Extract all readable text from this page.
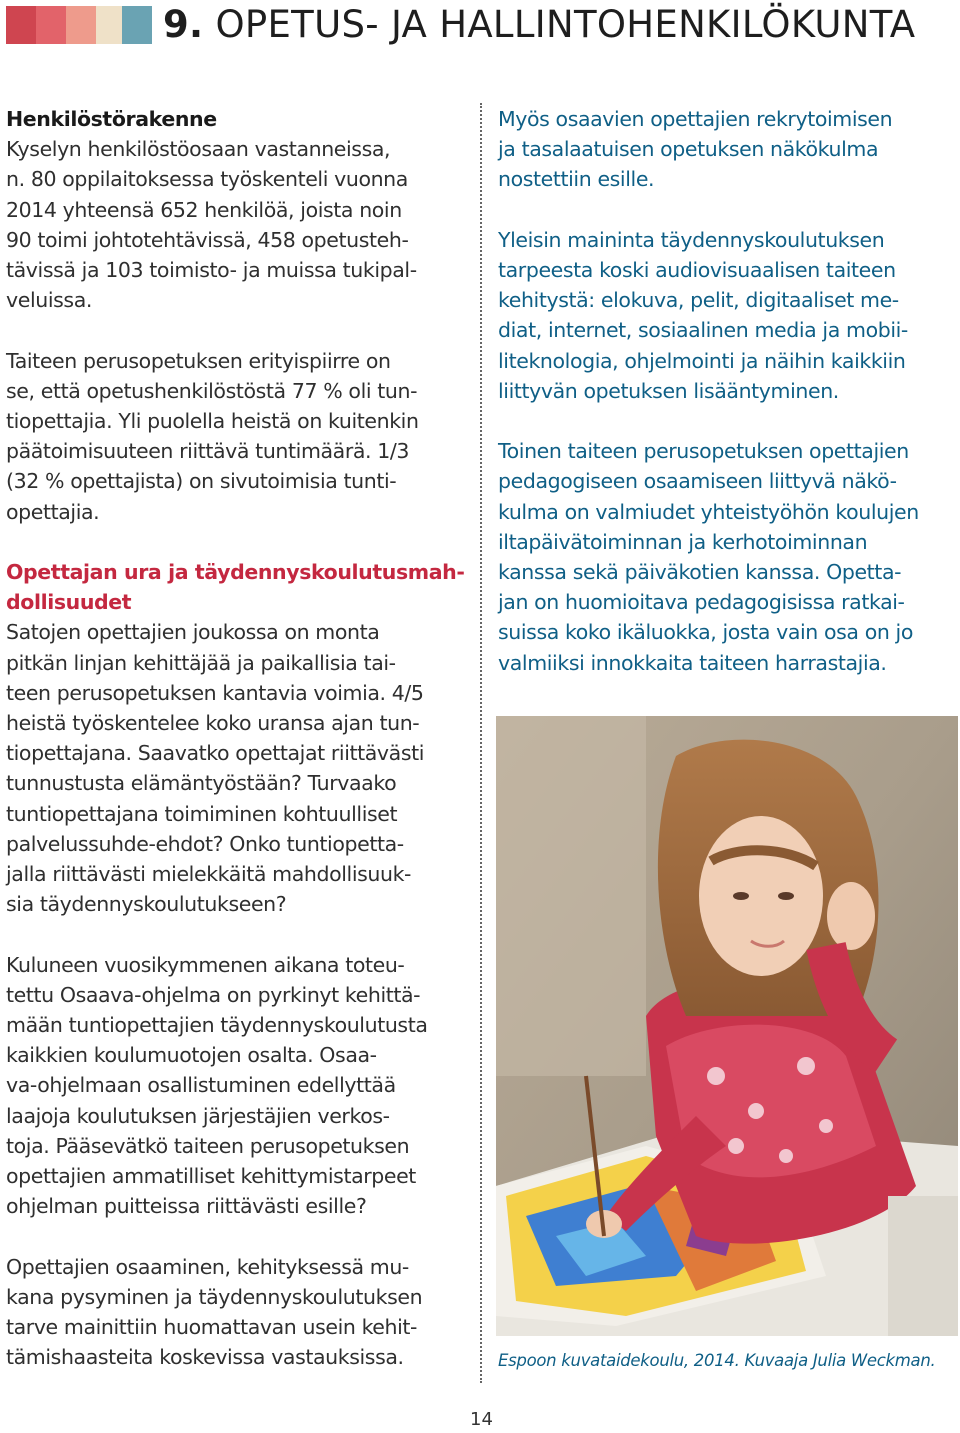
9. OPETUS- JA HALLINTOHENKILÖKUNTA

Henkilöstörakenne

Kyselyn henkilöstöosaan vastanneissa,

n. 80 oppilaitoksessa työskenteli vuonna

2014 yhteensä 652 henkilöä, joista noin

90 toimi johtotehtävissä, 458 opetusteh-

tävissä ja 103 toimisto- ja muissa tukipal-

veluissa.

Taiteen perusopetuksen erityispiirre on

se, että opetushenkilöstöstä 77 % oli tun-

tiopettajia. Yli puolella heistä on kuitenkin

päätoimisuuteen riittävä tuntimäärä. 1/3

(32 % opettajista) on sivutoimisia tunti-

opettajia.

Opettajan ura ja täydennyskoulutusmah-

dollisuudet

Satojen opettajien joukossa on monta

pitkän linjan kehittäjää ja paikallisia tai-

teen perusopetuksen kantavia voimia. 4/5

heistä työskentelee koko uransa ajan tun-

tiopettajana. Saavatko opettajat riittävästi

tunnustusta elämäntyöstään? Turvaako

tuntiopettajana toimiminen kohtuulliset

palvelussuhde-ehdot? Onko tuntiopetta-

jalla riittävästi mielekkäitä mahdollisuuk-

sia täydennyskoulutukseen?

Kuluneen vuosikymmenen aikana toteu-

tettu Osaava-ohjelma on pyrkinyt kehittä-

mään tuntiopettajien täydennyskoulutusta

kaikkien koulumuotojen osalta. Osaa-

va-ohjelmaan osallistuminen edellyttää

laajoja koulutuksen järjestäjien verkos-

toja. Pääsevätkö taiteen perusopetuksen

opettajien ammatilliset kehittymistarpeet

ohjelman puitteissa riittävästi esille?

Opettajien osaaminen, kehityksessä mu-

kana pysyminen ja täydennyskoulutuksen

tarve mainittiin huomattavan usein kehit-

tämishaasteita koskevissa vastauksissa.

Myös osaavien opettajien rekrytoimisen

ja tasalaatuisen opetuksen näkökulma

nostettiin esille.

Yleisin maininta täydennyskoulutuksen

tarpeesta koski audiovisuaalisen taiteen

kehitystä: elokuva, pelit, digitaaliset me-

diat, internet, sosiaalinen media ja mobii-

liteknologia, ohjelmointi ja näihin kaikkiin

liittyvän opetuksen lisääntyminen.

Toinen taiteen perusopetuksen opettajien

pedagogiseen osaamiseen liittyvä näkö-

kulma on valmiudet yhteistyöhön koulujen

iltapäivätoiminnan ja kerhotoiminnan

kanssa sekä päiväkotien kanssa. Opetta-

jan on huomioitava pedagogisissa ratkai-

suissa koko ikäluokka, josta vain osa on jo

valmiiksi innokkaita taiteen harrastajia.

Espoon kuvataidekoulu, 2014. Kuvaaja Julia Weckman.
14
